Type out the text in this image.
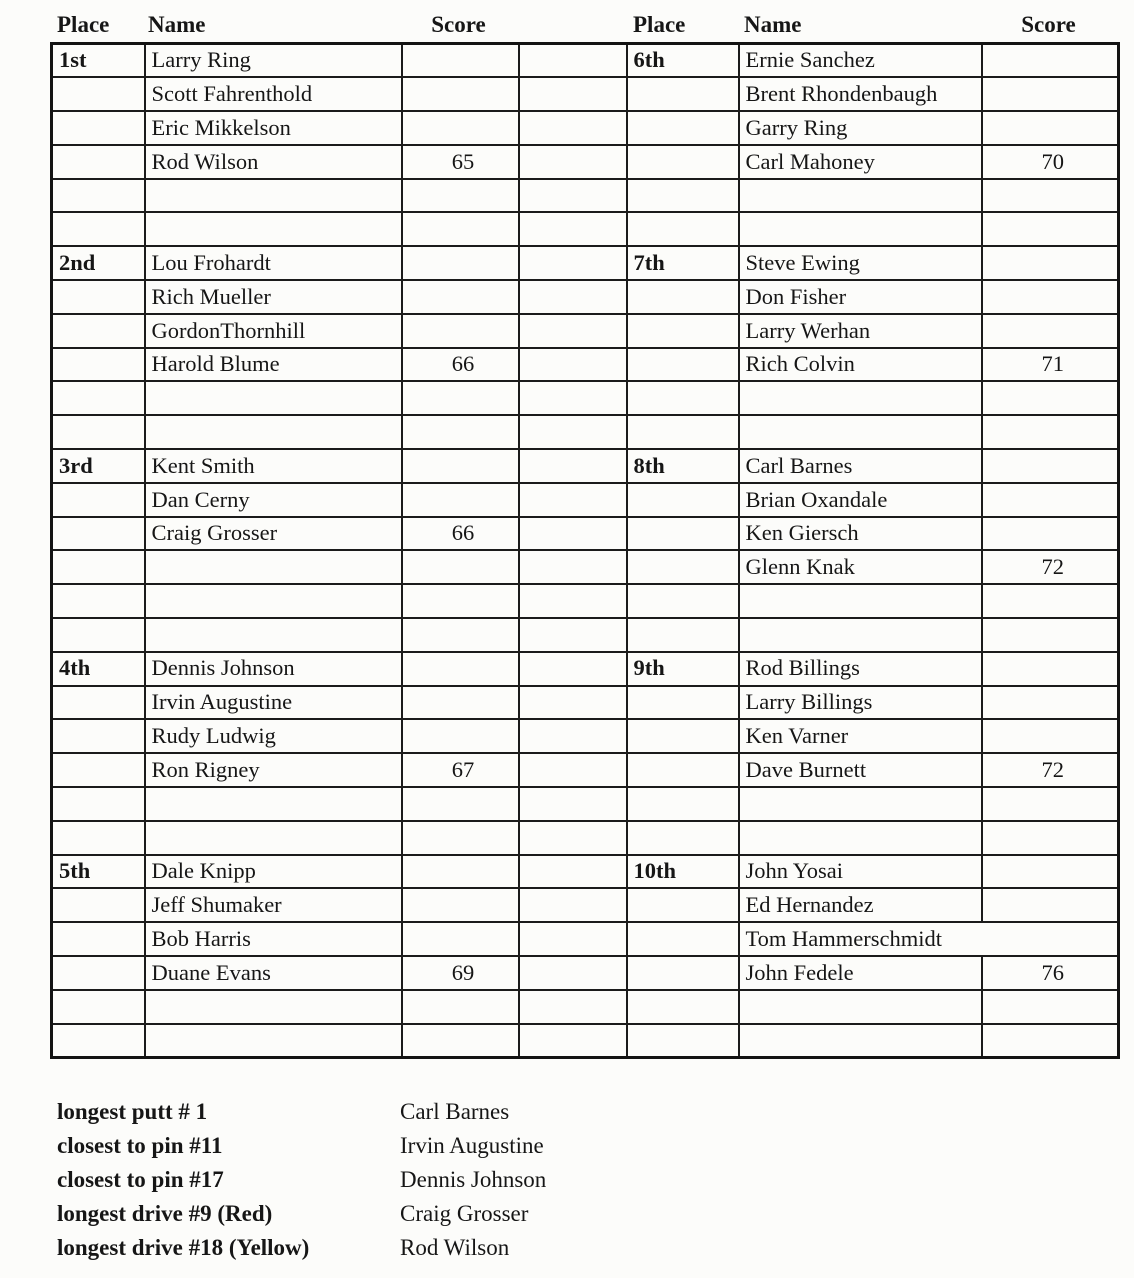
Place Name	Score	Place	Name	Score
1st	Larry Ring			6th	Ernie Sanchez	
	Scott Fahrenthold				Brent Rhondenbaugh	
	Eric Mikkelson				Garry Ring	
	Rod Wilson	65			Carl Mahoney	70

2nd	Lou Frohardt			7th	Steve Ewing	
	Rich Mueller				Don Fisher	
	GordonThornhill				Larry Werhan	
	Harold Blume	66			Rich Colvin	71

3rd	Kent Smith			8th	Carl Barnes	
	Dan Cerny				Brian Oxandale	
	Craig Grosser	66			Ken Giersch	
					Glenn Knak	72

4th	Dennis Johnson			9th	Rod Billings	
	Irvin Augustine				Larry Billings	
	Rudy Ludwig				Ken Varner	
	Ron Rigney	67			Dave Burnett	72

5th	Dale Knipp			10th	John Yosai	
	Jeff Shumaker				Ed Hernandez	
	Bob Harris				Tom Hammerschmidt	
	Duane Evans	69			John Fedele	76

longest putt # 1	Carl Barnes
closest to pin #11	Irvin Augustine
closest to pin #17	Dennis Johnson
longest drive #9 (Red)	Craig Grosser
longest drive #18 (Yellow)	Rod Wilson
